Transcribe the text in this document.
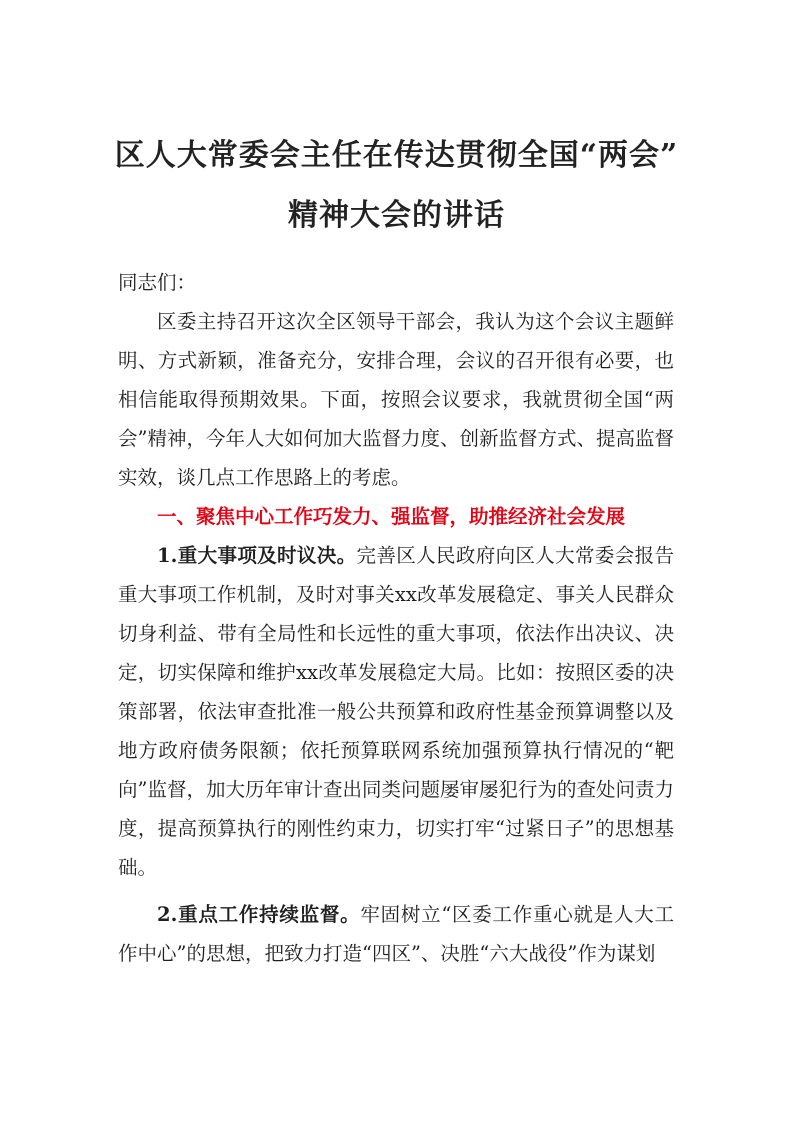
区人大常委会主任在传达贯彻全国“两会”
精神大会的讲话

同志们：

区委主持召开这次全区领导干部会，我认为这个会议主题鲜明、方式新颖，准备充分，安排合理，会议的召开很有必要，也相信能取得预期效果。下面，按照会议要求，我就贯彻全国“两会”精神，今年人大如何加大监督力度、创新监督方式、提高监督实效，谈几点工作思路上的考虑。

一、聚焦中心工作巧发力、强监督，助推经济社会发展

1.重大事项及时议决。完善区人民政府向区人大常委会报告重大事项工作机制，及时对事关xx改革发展稳定、事关人民群众切身利益、带有全局性和长远性的重大事项，依法作出决议、决定，切实保障和维护xx改革发展稳定大局。比如：按照区委的决策部署，依法审查批准一般公共预算和政府性基金预算调整以及地方政府债务限额；依托预算联网系统加强预算执行情况的“靶向”监督，加大历年审计查出同类问题屡审屡犯行为的查处问责力度，提高预算执行的刚性约束力，切实打牢“过紧日子”的思想基础。

2.重点工作持续监督。牢固树立“区委工作重心就是人大工作中心”的思想，把致力打造“四区”、决胜“六大战役”作为谋划
